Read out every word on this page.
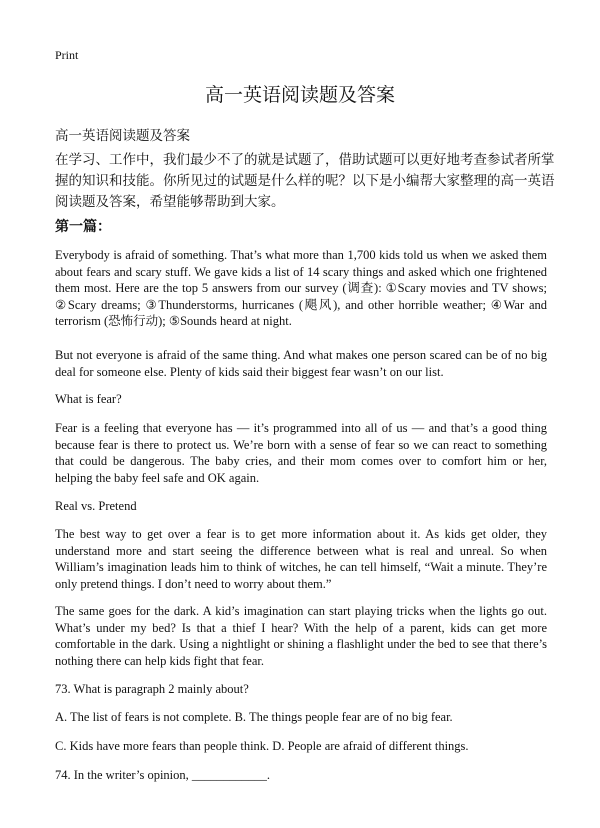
Print
高一英语阅读题及答案
高一英语阅读题及答案
在学习、工作中，我们最少不了的就是试题了，借助试题可以更好地考查参试者所掌握的知识和技能。你所见过的试题是什么样的呢？以下是小编帮大家整理的高一英语阅读题及答案，希望能够帮助到大家。
第一篇：
Everybody is afraid of something. That’s what more than 1,700 kids told us when we asked them about fears and scary stuff. We gave kids a list of 14 scary things and asked which one frightened them most. Here are the top 5 answers from our survey (调查): ①Scary movies and TV shows; ②Scary dreams; ③Thunderstorms, hurricanes (飓风), and other horrible weather; ④War and terrorism (恐怖行动); ⑤Sounds heard at night.
But not everyone is afraid of the same thing. And what makes one person scared can be of no big deal for someone else. Plenty of kids said their biggest fear wasn’t on our list.
What is fear?
Fear is a feeling that everyone has — it’s programmed into all of us — and that’s a good thing because fear is there to protect us. We’re born with a sense of fear so we can react to something that could be dangerous. The baby cries, and their mom comes over to comfort him or her, helping the baby feel safe and OK again.
Real vs. Pretend
The best way to get over a fear is to get more information about it. As kids get older, they understand more and start seeing the difference between what is real and unreal. So when William’s imagination leads him to think of witches, he can tell himself, “Wait a minute. They’re only pretend things. I don’t need to worry about them.”
The same goes for the dark. A kid’s imagination can start playing tricks when the lights go out. What’s under my bed? Is that a thief I hear? With the help of a parent, kids can get more comfortable in the dark. Using a nightlight or shining a flashlight under the bed to see that there’s nothing there can help kids fight that fear.
73. What is paragraph 2 mainly about?
A. The list of fears is not complete. B. The things people fear are of no big fear.
C. Kids have more fears than people think. D. People are afraid of different things.
74. In the writer’s opinion, ____________.
